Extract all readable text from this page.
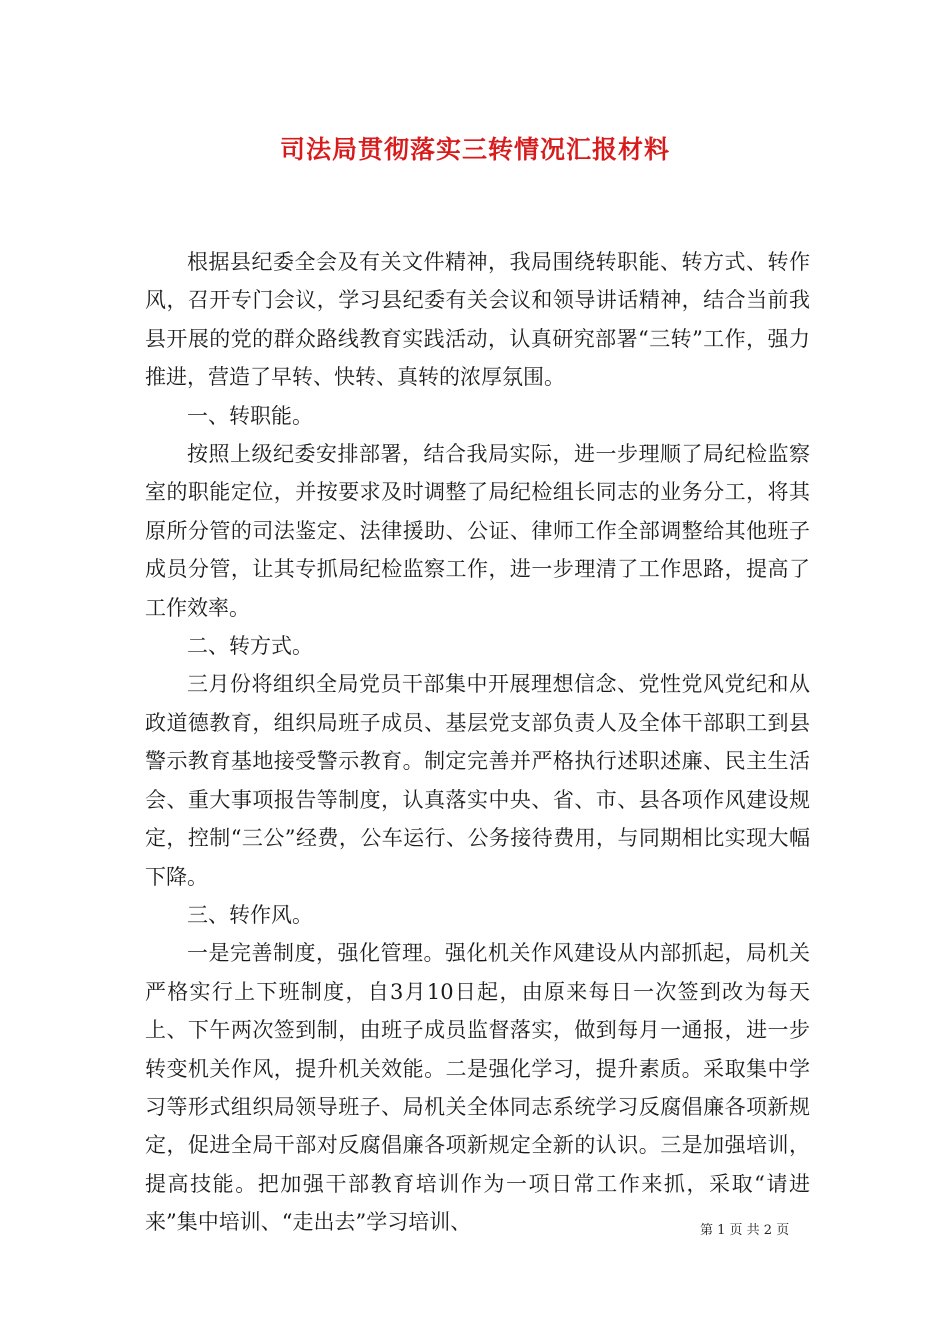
司法局贯彻落实三转情况汇报材料

根据县纪委全会及有关文件精神，我局围绕转职能、转方式、转作风，召开专门会议，学习县纪委有关会议和领导讲话精神，结合当前我县开展的党的群众路线教育实践活动，认真研究部署“三转”工作，强力推进，营造了早转、快转、真转的浓厚氛围。

一、转职能。

按照上级纪委安排部署，结合我局实际，进一步理顺了局纪检监察室的职能定位，并按要求及时调整了局纪检组长同志的业务分工，将其原所分管的司法鉴定、法律援助、公证、律师工作全部调整给其他班子成员分管，让其专抓局纪检监察工作，进一步理清了工作思路，提高了工作效率。

二、转方式。

三月份将组织全局党员干部集中开展理想信念、党性党风党纪和从政道德教育，组织局班子成员、基层党支部负责人及全体干部职工到县警示教育基地接受警示教育。制定完善并严格执行述职述廉、民主生活会、重大事项报告等制度，认真落实中央、省、市、县各项作风建设规定，控制“三公”经费，公车运行、公务接待费用，与同期相比实现大幅下降。

三、转作风。

一是完善制度，强化管理。强化机关作风建设从内部抓起，局机关严格实行上下班制度，自3月10日起，由原来每日一次签到改为每天上、下午两次签到制，由班子成员监督落实，做到每月一通报，进一步转变机关作风，提升机关效能。二是强化学习，提升素质。采取集中学习等形式组织局领导班子、局机关全体同志系统学习反腐倡廉各项新规定，促进全局干部对反腐倡廉各项新规定全新的认识。三是加强培训，提高技能。把加强干部教育培训作为一项日常工作来抓，采取“请进来”集中培训、“走出去”学习培训、	第 1 页 共 2 页
